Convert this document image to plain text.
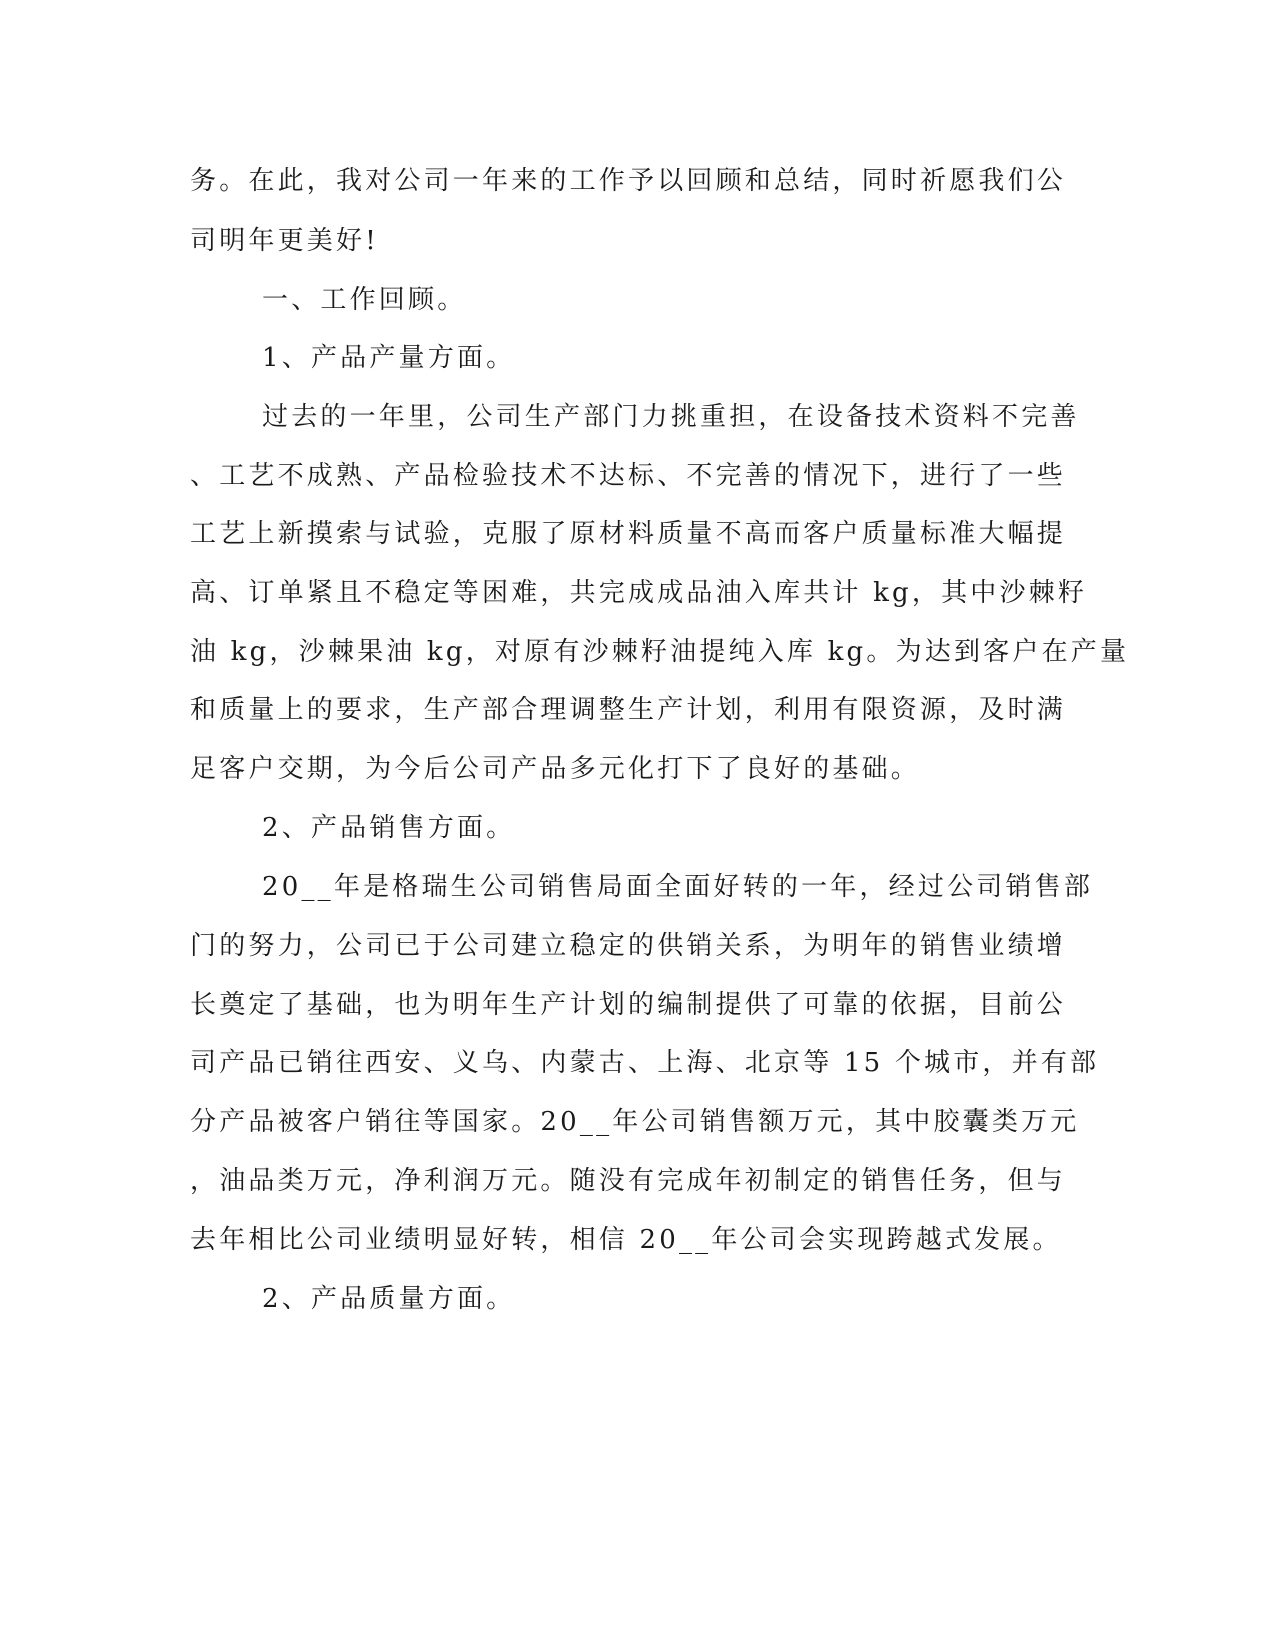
务。在此，我对公司一年来的工作予以回顾和总结，同时祈愿我们公
司明年更美好!
一、工作回顾。
1、产品产量方面。
过去的一年里，公司生产部门力挑重担，在设备技术资料不完善
、工艺不成熟、产品检验技术不达标、不完善的情况下，进行了一些
工艺上新摸索与试验，克服了原材料质量不高而客户质量标准大幅提
高、订单紧且不稳定等困难，共完成成品油入库共计 kg，其中沙棘籽
油 kg，沙棘果油 kg，对原有沙棘籽油提纯入库 kg。为达到客户在产量
和质量上的要求，生产部合理调整生产计划，利用有限资源，及时满
足客户交期，为今后公司产品多元化打下了良好的基础。
2、产品销售方面。
20__年是格瑞生公司销售局面全面好转的一年，经过公司销售部
门的努力，公司已于公司建立稳定的供销关系，为明年的销售业绩增
长奠定了基础，也为明年生产计划的编制提供了可靠的依据，目前公
司产品已销往西安、义乌、内蒙古、上海、北京等 15 个城市，并有部
分产品被客户销往等国家。20__年公司销售额万元，其中胶囊类万元
，油品类万元，净利润万元。随没有完成年初制定的销售任务，但与
去年相比公司业绩明显好转，相信 20__年公司会实现跨越式发展。
2、产品质量方面。
